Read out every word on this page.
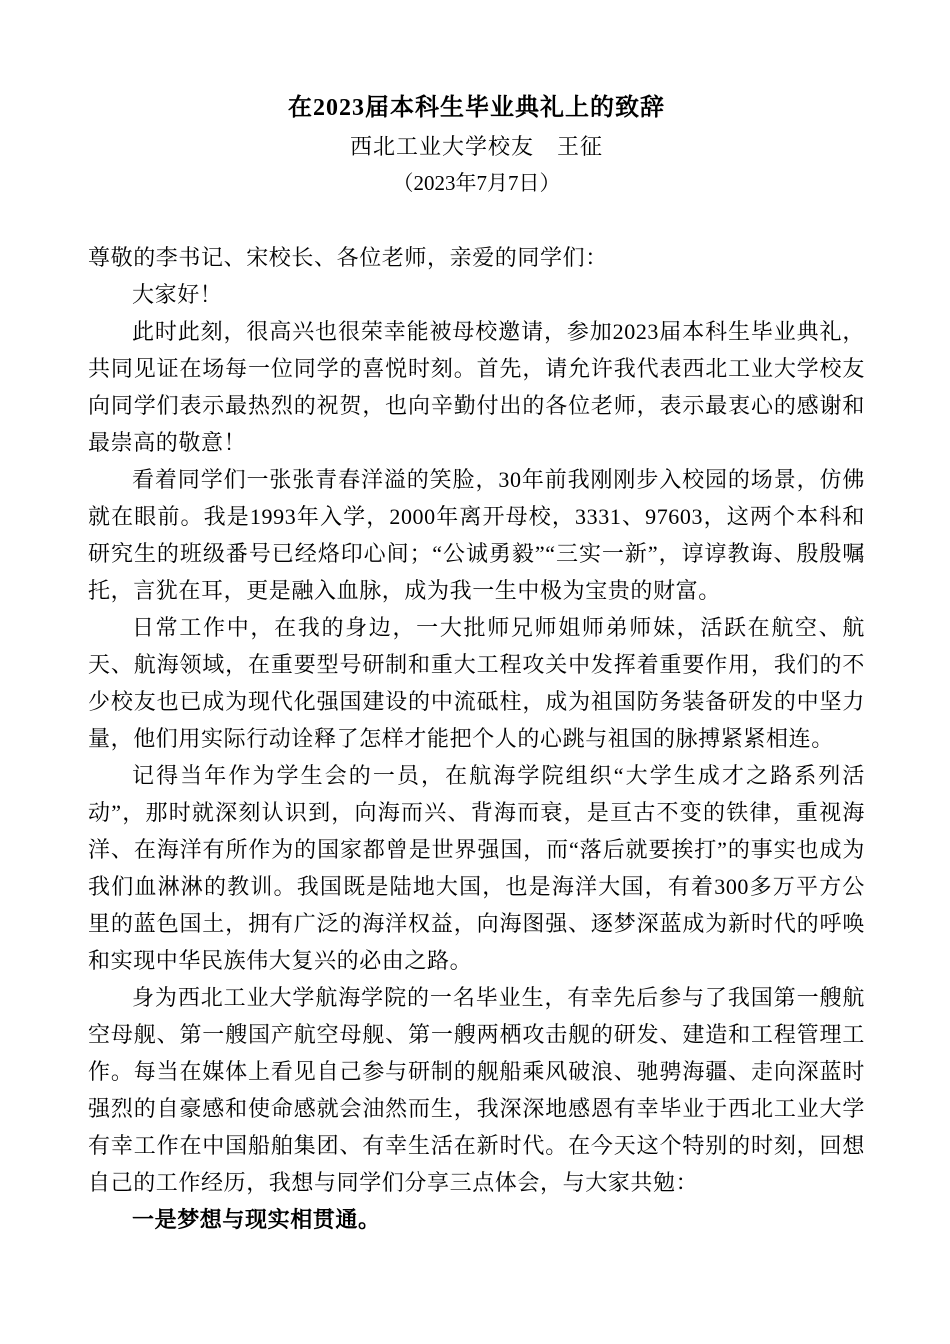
在2023届本科生毕业典礼上的致辞
西北工业大学校友　王征
（2023年7月7日）

尊敬的李书记、宋校长、各位老师，亲爱的同学们：

大家好！

此时此刻，很高兴也很荣幸能被母校邀请，参加2023届本科生毕业典礼，共同见证在场每一位同学的喜悦时刻。首先，请允许我代表西北工业大学校友向同学们表示最热烈的祝贺，也向辛勤付出的各位老师，表示最衷心的感谢和最崇高的敬意！

看着同学们一张张青春洋溢的笑脸，30年前我刚刚步入校园的场景，仿佛就在眼前。我是1993年入学，2000年离开母校，3331、97603，这两个本科和研究生的班级番号已经烙印心间；“公诚勇毅”“三实一新”，谆谆教诲、殷殷嘱托，言犹在耳，更是融入血脉，成为我一生中极为宝贵的财富。

日常工作中，在我的身边，一大批师兄师姐师弟师妹，活跃在航空、航天、航海领域，在重要型号研制和重大工程攻关中发挥着重要作用，我们的不少校友也已成为现代化强国建设的中流砥柱，成为祖国防务装备研发的中坚力量，他们用实际行动诠释了怎样才能把个人的心跳与祖国的脉搏紧紧相连。

记得当年作为学生会的一员，在航海学院组织“大学生成才之路系列活动”，那时就深刻认识到，向海而兴、背海而衰，是亘古不变的铁律，重视海洋、在海洋有所作为的国家都曾是世界强国，而“落后就要挨打”的事实也成为我们血淋淋的教训。我国既是陆地大国，也是海洋大国，有着300多万平方公里的蓝色国土，拥有广泛的海洋权益，向海图强、逐梦深蓝成为新时代的呼唤和实现中华民族伟大复兴的必由之路。

身为西北工业大学航海学院的一名毕业生，有幸先后参与了我国第一艘航空母舰、第一艘国产航空母舰、第一艘两栖攻击舰的研发、建造和工程管理工作。每当在媒体上看见自己参与研制的舰船乘风破浪、驰骋海疆、走向深蓝时强烈的自豪感和使命感就会油然而生，我深深地感恩有幸毕业于西北工业大学有幸工作在中国船舶集团、有幸生活在新时代。在今天这个特别的时刻，回想自己的工作经历，我想与同学们分享三点体会，与大家共勉：

一是梦想与现实相贯通。
